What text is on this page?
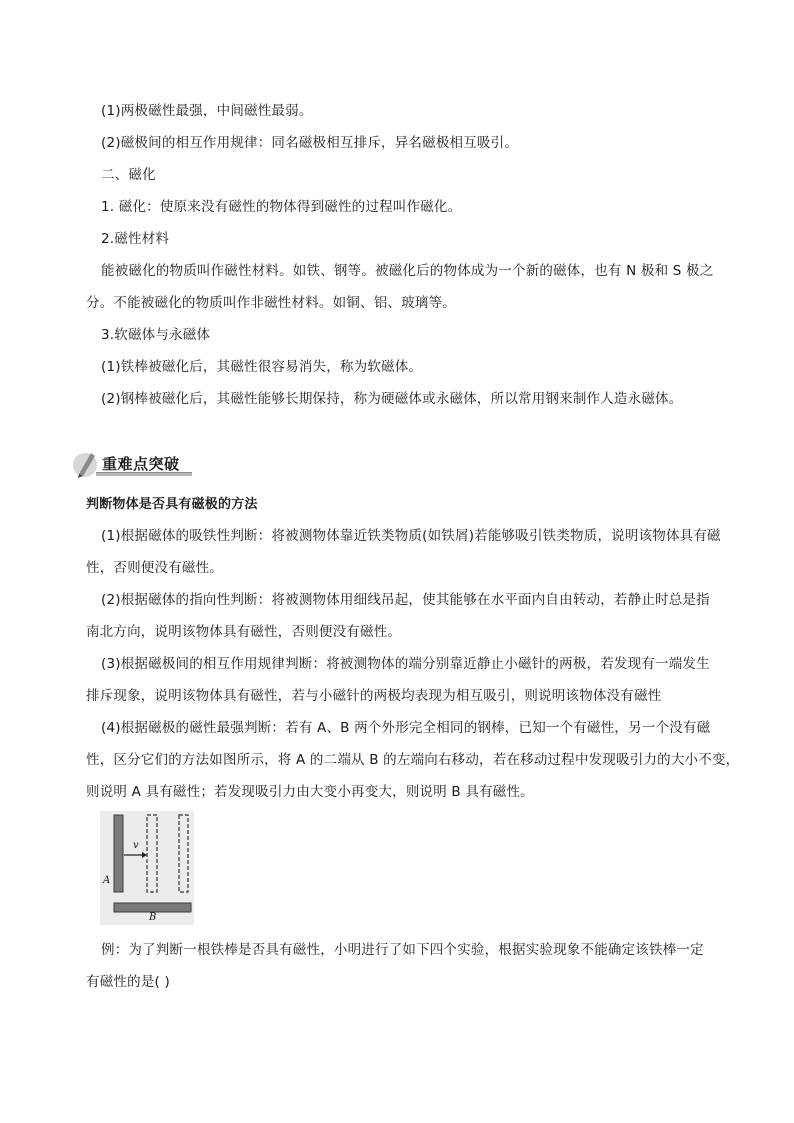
(1)两极磁性最强，中间磁性最弱。
(2)磁极间的相互作用规律：同名磁极相互排斥，异名磁极相互吸引。
二、磁化
1. 磁化：使原来没有磁性的物体得到磁性的过程叫作磁化。
2.磁性材料
能被磁化的物质叫作磁性材料。如铁、钢等。被磁化后的物体成为一个新的磁体，也有 N 极和 S 极之
分。不能被磁化的物质叫作非磁性材料。如铜、铝、玻璃等。
3.软磁体与永磁体
(1)铁棒被磁化后，其磁性很容易消失，称为软磁体。
(2)钢棒被磁化后，其磁性能够长期保持，称为硬磁体或永磁体，所以常用钢来制作人造永磁体。
重难点突破
判断物体是否具有磁极的方法
(1)根据磁体的吸铁性判断：将被测物体靠近铁类物质(如铁屑)若能够吸引铁类物质，说明该物体具有磁
性，否则便没有磁性。
(2)根据磁体的指向性判断：将被测物体用细线吊起，使其能够在水平面内自由转动，若静止时总是指
南北方向，说明该物体具有磁性，否则便没有磁性。
(3)根据磁极间的相互作用规律判断：将被测物体的端分别靠近静止小磁针的两极，若发现有一端发生
排斥现象，说明该物体具有磁性，若与小磁针的两极均表现为相互吸引，则说明该物体没有磁性
(4)根据磁极的磁性最强判断：若有 A、B 两个外形完全相同的钢棒，已知一个有磁性，另一个没有磁
性，区分它们的方法如图所示，将 A 的二端从 B 的左端向右移动，若在移动过程中发现吸引力的大小不变，
则说明 A 具有磁性；若发现吸引力由大变小再变大，则说明 B 具有磁性。
v
A
B
例：为了判断一根铁棒是否具有磁性，小明进行了如下四个实验，根据实验现象不能确定该铁棒一定
有磁性的是( )
